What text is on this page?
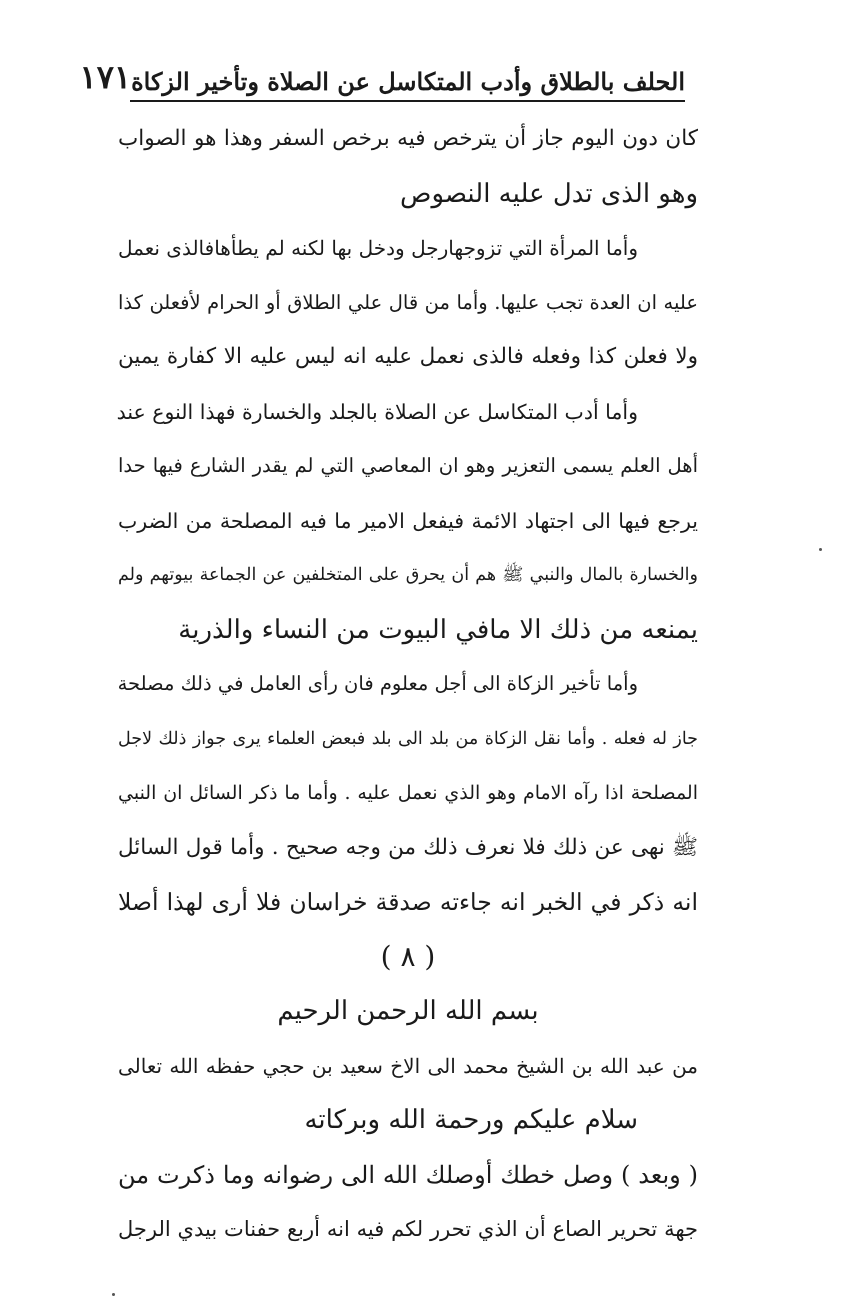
الحلف بالطلاق وأدب المتكاسل عن الصلاة وتأخير الزكاة
١٧١
كان دون اليوم جاز أن يترخص فيه برخص السفر وهذا هو الصواب
وهو الذى تدل عليه النصوص
وأما المرأة التي تزوجهارجل ودخل بها لكنه لم يطأهافالذى نعمل
عليه ان العدة تجب عليها. وأما من قال علي الطلاق أو الحرام لأفعلن كذا
ولا فعلن كذا وفعله فالذى نعمل عليه انه ليس عليه الا كفارة يمين
وأما أدب المتكاسل عن الصلاة بالجلد والخسارة فهذا النوع عند
أهل العلم يسمى التعزير وهو ان المعاصي التي لم يقدر الشارع فيها حدا
يرجع فيها الى اجتهاد الائمة فيفعل الامير ما فيه المصلحة من الضرب
والخسارة بالمال والنبي ﷺ هم أن يحرق على المتخلفين عن الجماعة بيوتهم ولم
يمنعه من ذلك الا مافي البيوت من النساء والذرية
وأما تأخير الزكاة الى أجل معلوم فان رأى العامل في ذلك مصلحة
جاز له فعله . وأما نقل الزكاة من بلد الى بلد فبعض العلماء يرى جواز ذلك لاجل
المصلحة اذا رآه الامام وهو الذي نعمل عليه . وأما ما ذكر السائل ان النبي
ﷺ نهى عن ذلك فلا نعرف ذلك من وجه صحيح . وأما قول السائل
انه ذكر في الخبر انه جاءته صدقة خراسان فلا أرى لهذا أصلا
( ٨ )
بسم الله الرحمن الرحيم
من عبد الله بن الشيخ محمد الى الاخ سعيد بن حجي حفظه الله تعالى
سلام عليكم ورحمة الله وبركاته
( وبعد ) وصل خطك أوصلك الله الى رضوانه وما ذكرت من
جهة تحرير الصاع أن الذي تحرر لكم فيه انه أربع حفنات بيدي الرجل
